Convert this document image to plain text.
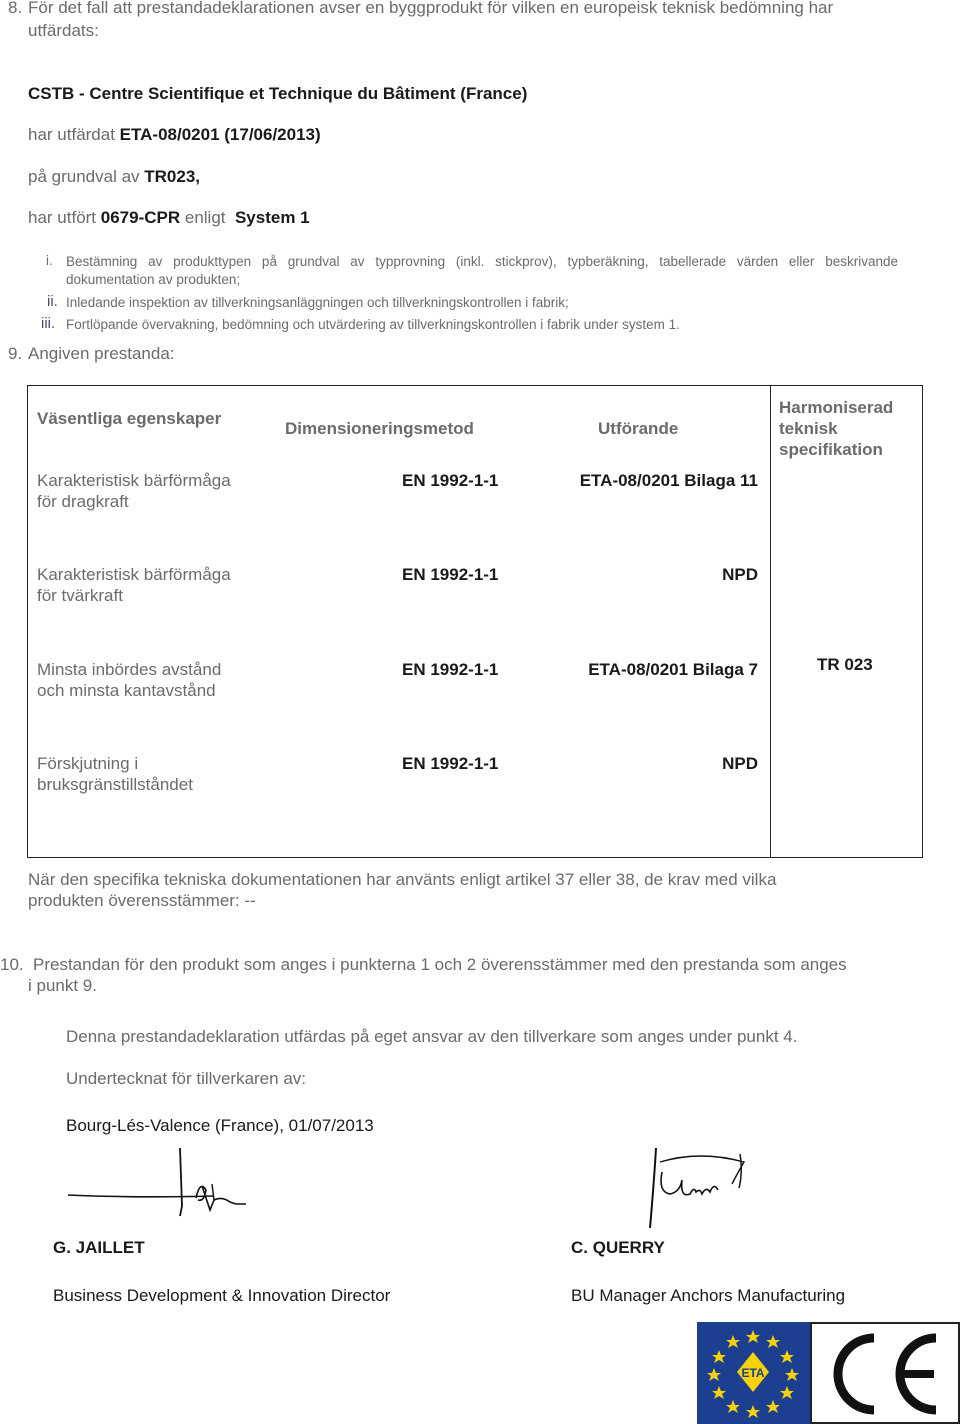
8. För det fall att prestandadeklarationen avser en byggprodukt för vilken en europeisk teknisk bedömning har
utfärdats:
CSTB - Centre Scientifique et Technique du Bâtiment (France)
har utfärdat ETA-08/0201 (17/06/2013)
på grundval av TR023,
har utfört 0679-CPR enligt  System 1
i. Bestämning av produkttypen på grundval av typprovning (inkl. stickprov), typberäkning, tabellerade värden eller beskrivande
dokumentation av produkten;
ii. Inledande inspektion av tillverkningsanläggningen och tillverkningskontrollen i fabrik;
iii. Fortlöpande övervakning, bedömning och utvärdering av tillverkningskontrollen i fabrik under system 1.
9. Angiven prestanda:
Väsentliga egenskaper
Dimensioneringsmetod	Utförande
Harmoniserad
teknisk
specifikation
Karakteristisk bärförmåga
för dragkraft
EN 1992-1-1	ETA-08/0201 Bilaga 11
Karakteristisk bärförmåga
för tvärkraft
EN 1992-1-1	NPD
Minsta inbördes avstånd
och minsta kantavstånd
EN 1992-1-1	ETA-08/0201 Bilaga 7	TR 023
Förskjutning i
bruksgränstillståndet
EN 1992-1-1	NPD
När den specifika tekniska dokumentationen har använts enligt artikel 37 eller 38, de krav med vilka
produkten överensstämmer: --
10. Prestandan för den produkt som anges i punkterna 1 och 2 överensstämmer med den prestanda som anges
i punkt 9.
Denna prestandadeklaration utfärdas på eget ansvar av den tillverkare som anges under punkt 4.
Undertecknat för tillverkaren av:
Bourg-Lés-Valence (France), 01/07/2013
G. JAILLET
Business Development & Innovation Director
C. QUERRY
BU Manager Anchors Manufacturing
ETA
